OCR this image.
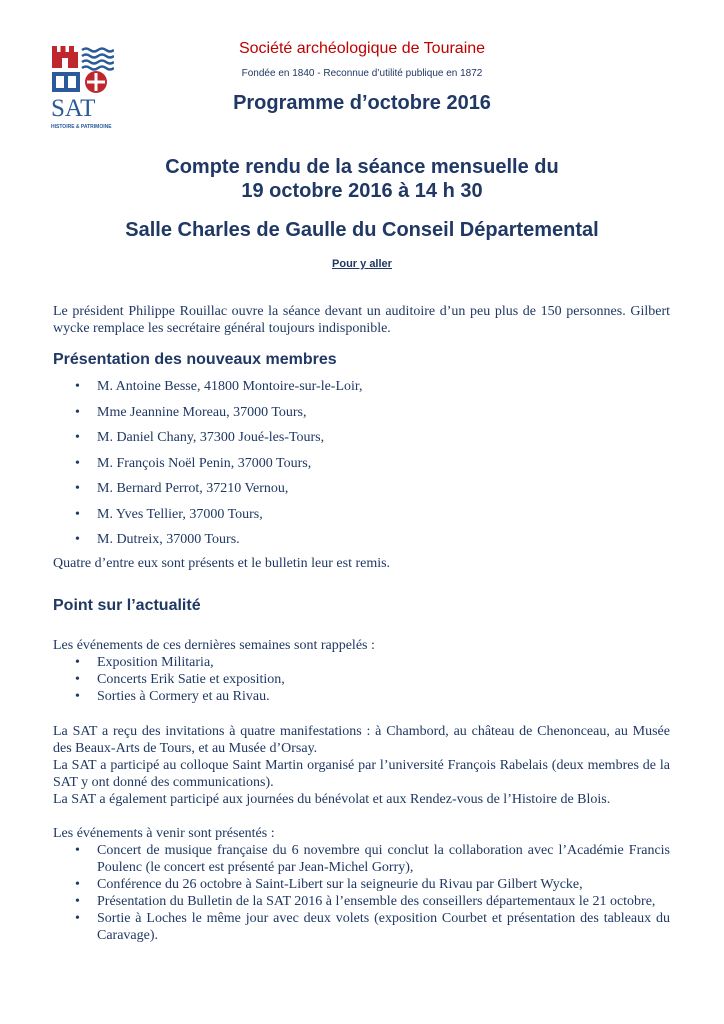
SAT
HISTOIRE & PATRIMOINE
Société archéologique de Touraine
Fondée en 1840 - Reconnue d’utilité publique en 1872
Programme d’octobre 2016
Compte rendu de la séance mensuelle du
19 octobre 2016 à 14 h 30
Salle Charles de Gaulle du Conseil Départemental
Pour y aller
Le président Philippe Rouillac ouvre la séance devant un auditoire d’un peu plus de 150 personnes. Gilbert wycke remplace les secrétaire général toujours indisponible.
Présentation des nouveaux membres
• M. Antoine Besse, 41800 Montoire-sur-le-Loir,
• Mme Jeannine Moreau, 37000 Tours,
• M. Daniel Chany, 37300 Joué-les-Tours,
• M. François Noël Penin, 37000 Tours,
• M. Bernard Perrot, 37210 Vernou,
• M. Yves Tellier, 37000 Tours,
• M. Dutreix, 37000 Tours.
Quatre d’entre eux sont présents et le bulletin leur est remis.
Point sur l’actualité
Les événements de ces dernières semaines sont rappelés :
• Exposition Militaria,
• Concerts Erik Satie et exposition,
• Sorties à Cormery et au Rivau.
La SAT a reçu des invitations à quatre manifestations : à Chambord, au château de Chenonceau, au Musée des Beaux-Arts de Tours, et au Musée d’Orsay.
La SAT a participé au colloque Saint Martin organisé par l’université François Rabelais (deux membres de la SAT y ont donné des communications).
La SAT a également participé aux journées du bénévolat et aux Rendez-vous de l’Histoire de Blois.
Les événements à venir sont présentés :
• Concert de musique française du 6 novembre qui conclut la collaboration avec l’Académie Francis Poulenc (le concert est présenté par Jean-Michel Gorry),
• Conférence du 26 octobre à Saint-Libert sur la seigneurie du Rivau par Gilbert Wycke,
• Présentation du Bulletin de la SAT 2016 à l’ensemble des conseillers départementaux le 21 octobre,
• Sortie à Loches le même jour avec deux volets (exposition Courbet et présentation des tableaux du Caravage).
